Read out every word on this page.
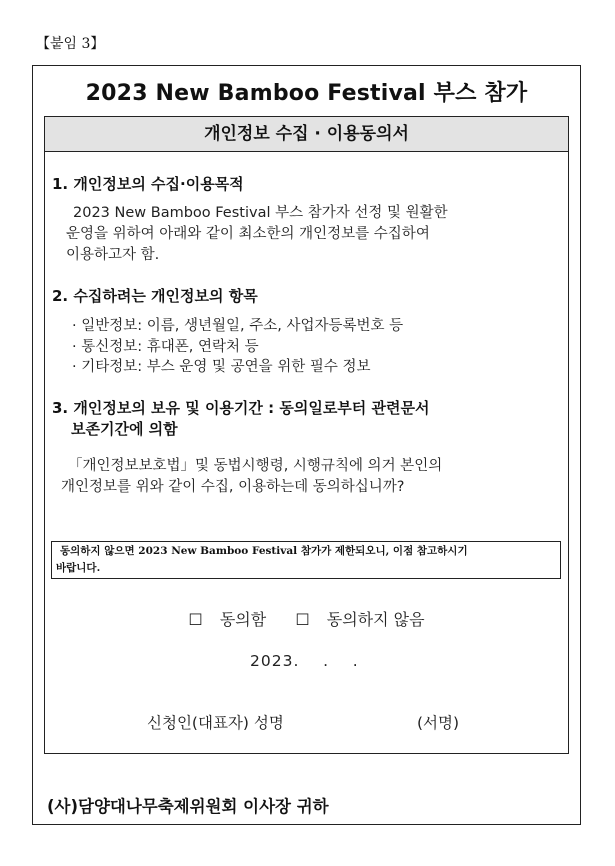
【붙임 3】
2023 New Bamboo Festival 부스 참가
개인정보 수집 · 이용동의서
1. 개인정보의 수집·이용목적
2023 New Bamboo Festival 부스 참가자 선정 및 원활한
운영을 위하여 아래와 같이 최소한의 개인정보를 수집하여
이용하고자 함.
2. 수집하려는 개인정보의 항목
· 일반정보: 이름, 생년월일, 주소, 사업자등록번호 등
· 통신정보: 휴대폰, 연락처 등
· 기타정보: 부스 운영 및 공연을 위한 필수 정보
3. 개인정보의 보유 및 이용기간 : 동의일로부터 관련문서
보존기간에 의함
「개인정보보호법」및 동법시행령, 시행규칙에 의거 본인의
개인정보를 위와 같이 수집, 이용하는데 동의하십니까?
동의하지 않으면 2023 New Bamboo Festival 참가가 제한되오니, 이점 참고하시기
바랍니다.
☐ 동의함 ☐ 동의하지 않음
2023.    .    .
신청인(대표자) 성명	(서명)
(사)담양대나무축제위원회 이사장 귀하
